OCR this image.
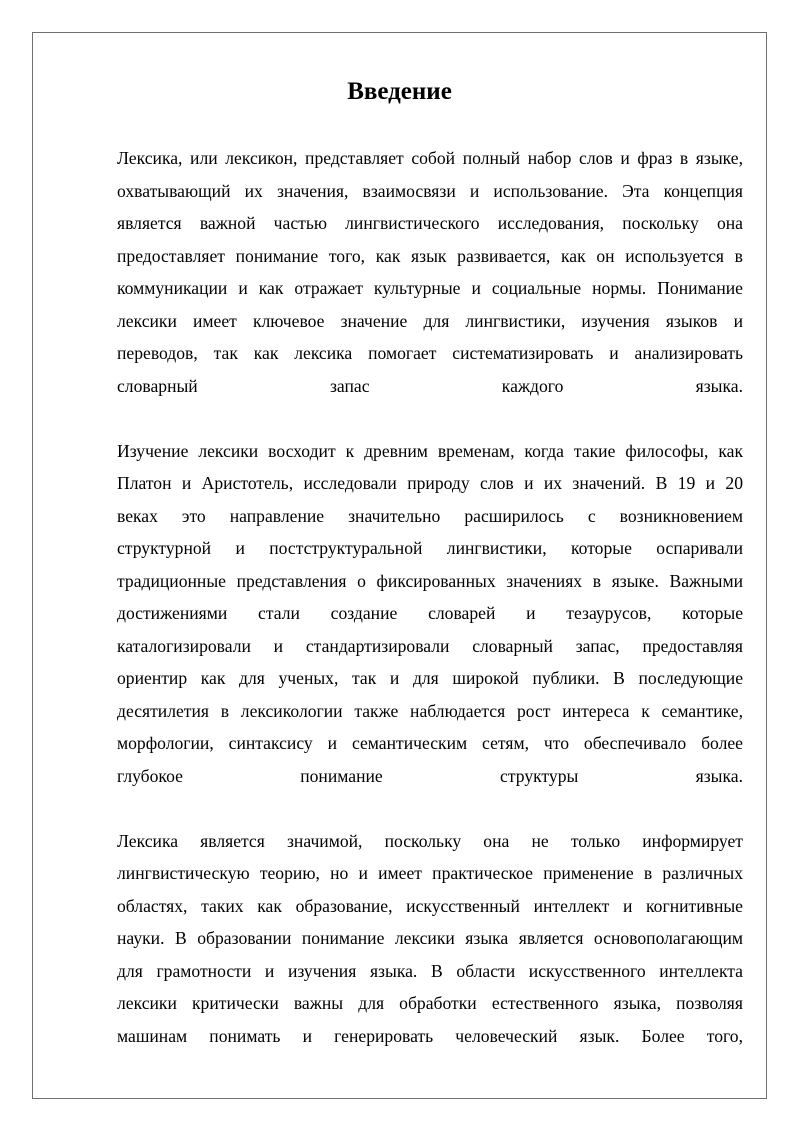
Введение
Лексика, или лексикон, представляет собой полный набор слов и фраз в языке,
охватывающий их значения, взаимосвязи и использование. Эта концепция
является важной частью лингвистического исследования, поскольку она
предоставляет понимание того, как язык развивается, как он используется в
коммуникации и как отражает культурные и социальные нормы. Понимание
лексики имеет ключевое значение для лингвистики, изучения языков и
переводов, так как лексика помогает систематизировать и анализировать
словарный запас каждого языка.
Изучение лексики восходит к древним временам, когда такие философы, как
Платон и Аристотель, исследовали природу слов и их значений. В 19 и 20
веках это направление значительно расширилось с возникновением
структурной и постструктуральной лингвистики, которые оспаривали
традиционные представления о фиксированных значениях в языке. Важными
достижениями стали создание словарей и тезаурусов, которые
каталогизировали и стандартизировали словарный запас, предоставляя
ориентир как для ученых, так и для широкой публики. В последующие
десятилетия в лексикологии также наблюдается рост интереса к семантике,
морфологии, синтаксису и семантическим сетям, что обеспечивало более
глубокое понимание структуры языка.
Лексика является значимой, поскольку она не только информирует
лингвистическую теорию, но и имеет практическое применение в различных
областях, таких как образование, искусственный интеллект и когнитивные
науки. В образовании понимание лексики языка является основополагающим
для грамотности и изучения языка. В области искусственного интеллекта
лексики критически важны для обработки естественного языка, позволяя
машинам понимать и генерировать человеческий язык. Более того,
